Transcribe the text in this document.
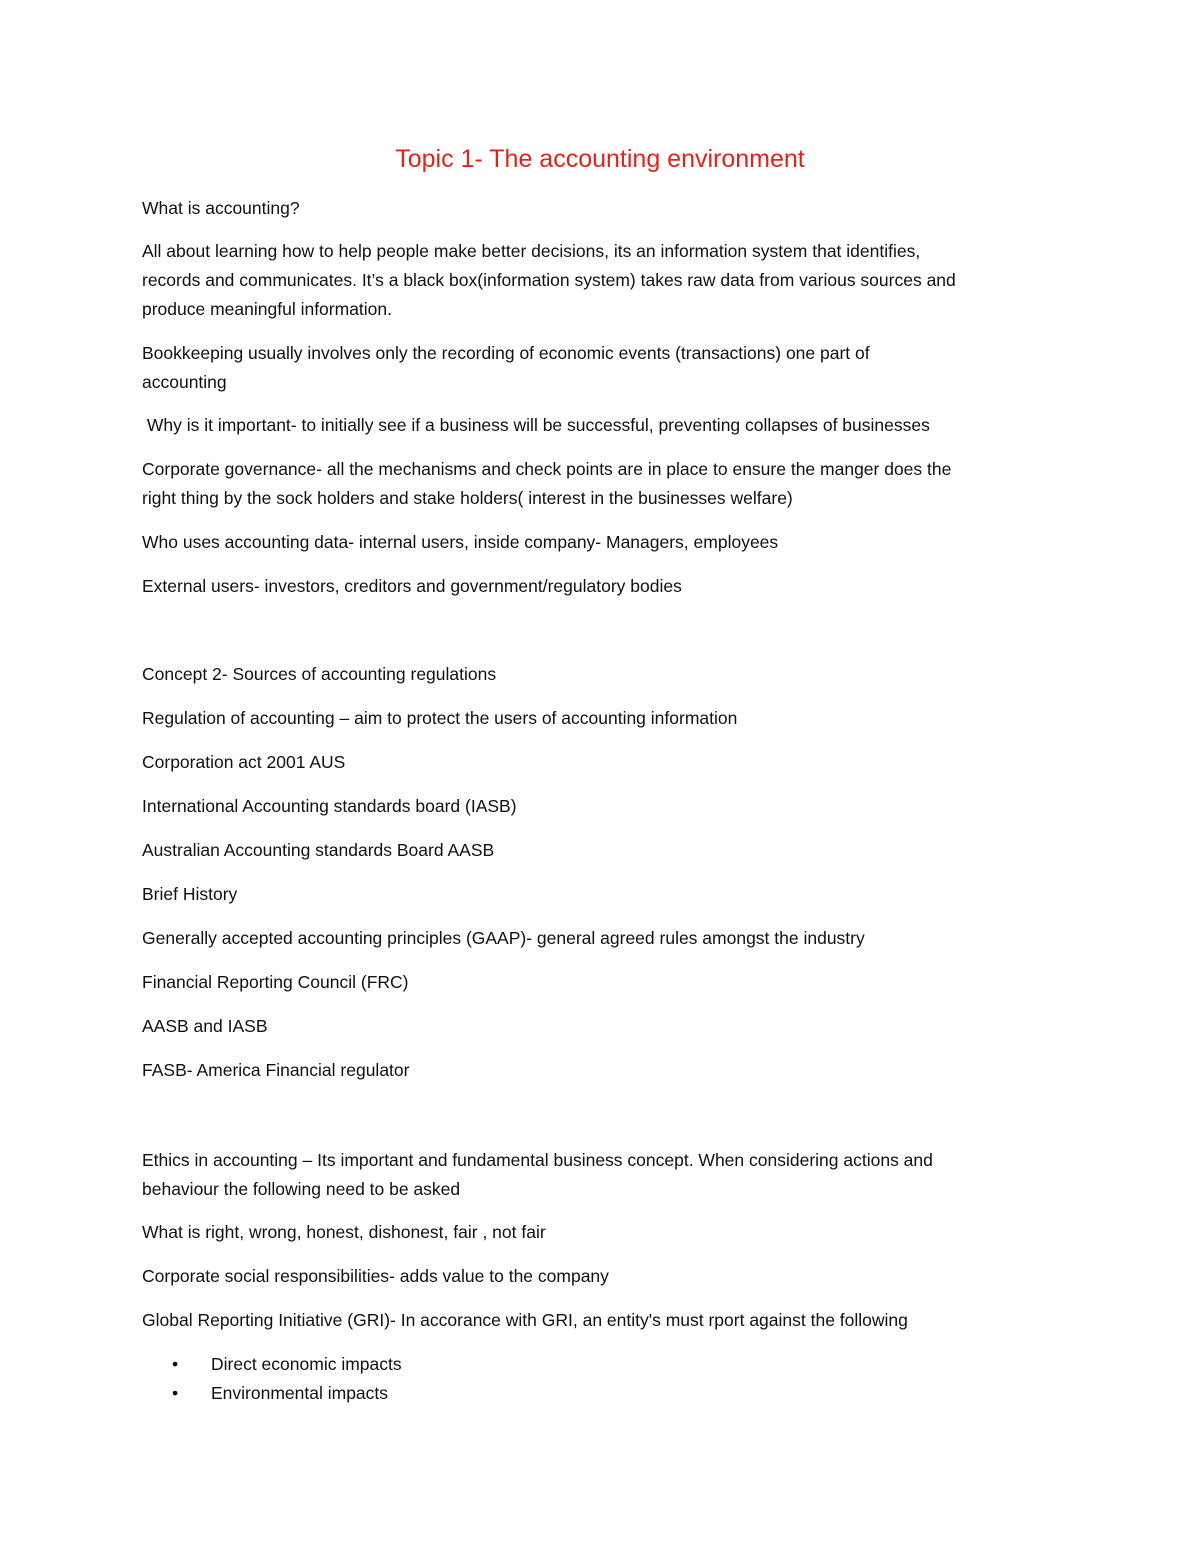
Topic 1- The accounting environment

What is accounting?

All about learning how to help people make better decisions, its an information system that identifies,

records and communicates. It’s a black box(information system) takes raw data from various sources and

produce meaningful information.

Bookkeeping usually involves only the recording of economic events (transactions) one part of

accounting

Why is it important- to initially see if a business will be successful, preventing collapses of businesses

Corporate governance- all the mechanisms and check points are in place to ensure the manger does the

right thing by the sock holders and stake holders( interest in the businesses welfare)

Who uses accounting data- internal users, inside company- Managers, employees

External users- investors, creditors and government/regulatory bodies

Concept 2- Sources of accounting regulations

Regulation of accounting – aim to protect the users of accounting information

Corporation act 2001 AUS

International Accounting standards board (IASB)

Australian Accounting standards Board AASB

Brief History

Generally accepted accounting principles (GAAP)- general agreed rules amongst the industry

Financial Reporting Council (FRC)

AASB and IASB

FASB- America Financial regulator

Ethics in accounting – Its important and fundamental business concept. When considering actions and

behaviour the following need to be asked

What is right, wrong, honest, dishonest, fair , not fair

Corporate social responsibilities- adds value to the company

Global Reporting Initiative (GRI)- In accorance with GRI, an entity's must rport against the following

• Direct economic impacts

• Environmental impacts
